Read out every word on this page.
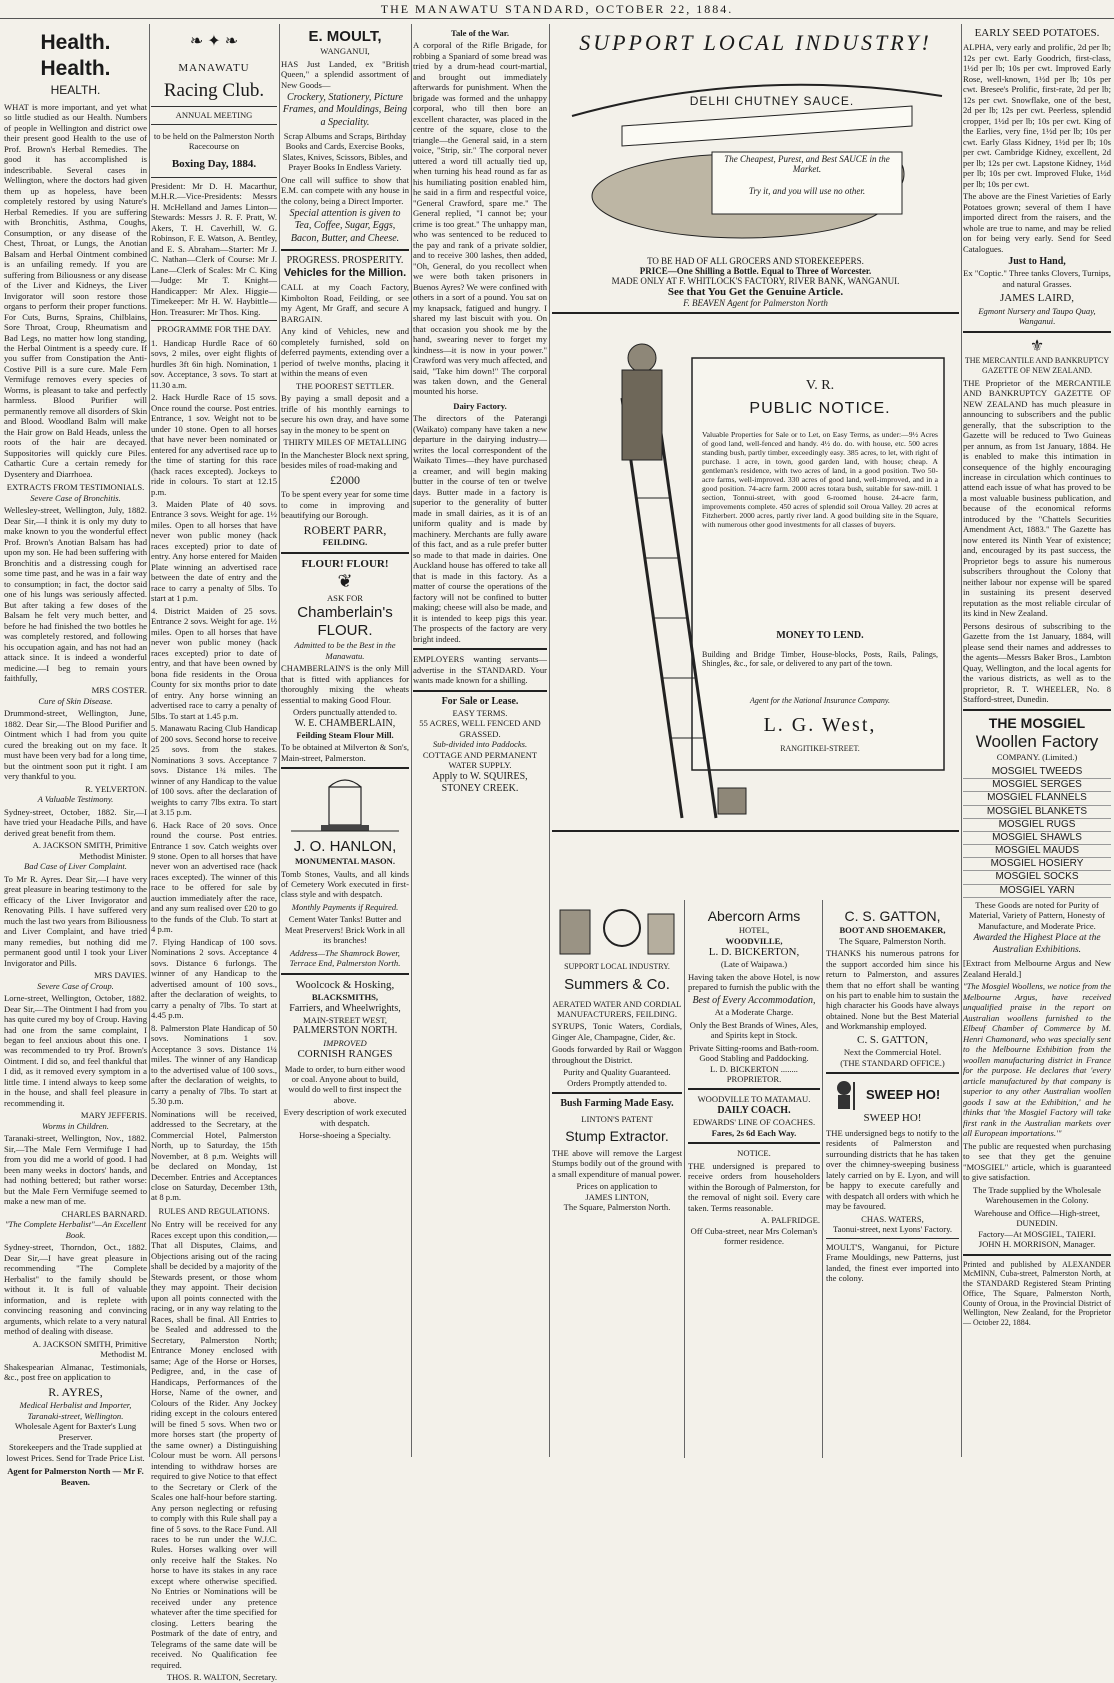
THE MANAWATU STANDARD, OCTOBER 22, 1884.
Health. Health.
HEALTH.

WHAT is more important, and yet what so little studied as our Health. Numbers of people in Wellington and district owe their present good Health to the use of Prof. Brown's Herbal Remedies. The good it has accomplished is indescribable. Several cases in Wellington, where the doctors had given them up as hopeless, have been completely restored by using Nature's Herbal Remedies. If you are suffering with Bronchitis, Asthma, Coughs, Consumption, or any disease of the Chest, Throat, or Lungs, the Anotian Balsam and Herbal Ointment combined is an unfailing remedy. If you are suffering from Biliousness or any disease of the Liver and Kidneys, the Liver Invigorator will soon restore those organs to perform their proper functions. For Cuts, Burns, Sprains, Chilblains, Sore Throat, Croup, Rheumatism and Bad Legs, no matter how long standing, the Herbal Ointment is a speedy cure. If you suffer from Constipation the Anti-Costive Pill is a sure cure. Male Fern Vermifuge removes every species of Worms, is pleasant to take and perfectly harmless. Blood Purifier will permanently remove all disorders of Skin and Blood. Woodland Balm will make the Hair grow on Bald Heads, unless the roots of the hair are decayed. Suppositories will quickly cure Piles. Cathartic Cure a certain remedy for Dysentery and Diarrhoea.

EXTRACTS FROM TESTIMONIALS.
Severe Case of Bronchitis.

Wellesley-street, Wellington, July, 1882. Dear Sir,—I think it is only my duty to make known to you the wonderful effect Prof. Brown's Anotian Balsam has had upon my son. He had been suffering with Bronchitis and a distressing cough for some time past, and he was in a fair way to consumption; in fact, the doctor said one of his lungs was seriously affected. But after taking a few doses of the Balsam he felt very much better, and before he had finished the two bottles he was completely restored, and following his occupation again, and has not had an attack since. It is indeed a wonderful medicine.—I beg to remain yours faithfully,

MRS COSTER.
Cure of Skin Disease.

Drummond-street, Wellington, June, 1882. Dear Sir,—The Blood Purifier and Ointment which I had from you quite cured the breaking out on my face. It must have been very bad for a long time, but the ointment soon put it right. I am very thankful to you.

R. YELVERTON.
A Valuable Testimony.

Sydney-street, October, 1882. Sir,—I have tried your Headache Pills, and have derived great benefit from them.

A. JACKSON SMITH, Primitive Methodist Minister.
Bad Case of Liver Complaint.

To Mr R. Ayres. Dear Sir,—I have very great pleasure in bearing testimony to the efficacy of the Liver Invigorator and Renovating Pills. I have suffered very much the last two years from Biliousness and Liver Complaint, and have tried many remedies, but nothing did me permanent good until I took your Liver Invigorator and Pills.

MRS DAVIES.
Severe Case of Croup.

Lorne-street, Wellington, October, 1882. Dear Sir,—The Ointment I had from you has quite cured my boy of Croup. Having had one from the same complaint, I began to feel anxious about this one. I was recommended to try Prof. Brown's Ointment. I did so, and feel thankful that I did, as it removed every symptom in a little time. I intend always to keep some in the house, and shall feel pleasure in recommending it.

MARY JEFFERIS.
Worms in Children.

Taranaki-street, Wellington, Nov., 1882. Sir,—The Male Fern Vermifuge I had from you did me a world of good. I had been many weeks in doctors' hands, and had nothing bettered; but rather worse: but the Male Fern Vermifuge seemed to make a new man of me.

CHARLES BARNARD.
"The Complete Herbalist"—An Excellent Book.

Sydney-street, Thorndon, Oct., 1882. Dear Sir,—I have great pleasure in recommending "The Complete Herbalist" to the family should be without it. It is full of valuable information, and is replete with convincing reasoning and convincing arguments, which relate to a very natural method of dealing with disease.

A. JACKSON SMITH, Primitive Methodist M.

Shakespearian Almanac, Testimonials, &c., post free on application to

R. AYRES,
Medical Herbalist and Importer, Taranaki-street, Wellington.
Wholesale Agent for Baxter's Lung Preserver.
Storekeepers and the Trade supplied at lowest Prices. Send for Trade Price List.
Agent for Palmerston North — Mr F. Beaven.
❧ ✦ ❧
MANAWATU
Racing Club.
ANNUAL MEETING
to be held on the Palmerston North Racecourse on
Boxing Day, 1884.

President: Mr D. H. Macarthur, M.H.R.—Vice-Presidents: Messrs H. McHelland and James Linton—Stewards: Messrs J. R. F. Pratt, W. Akers, T. H. Caverhill, W. G. Robinson, F. E. Watson, A. Bentley, and E. S. Abraham—Starter: Mr J. C. Nathan—Clerk of Course: Mr J. Lane—Clerk of Scales: Mr C. King—Judge: Mr T. Knight—Handicapper: Mr Alex. Higgie—Timekeeper: Mr H. W. Haybittle—Hon. Treasurer: Mr Thos. King.

PROGRAMME FOR THE DAY.

1. Handicap Hurdle Race of 60 sovs, 2 miles, over eight flights of hurdles 3ft 6in high. Nomination, 1 sov. Acceptance, 3 sovs. To start at 11.30 a.m.

2. Hack Hurdle Race of 15 sovs. Once round the course. Post entries. Entrance, 1 sov. Weight not to be under 10 stone. Open to all horses that have never been nominated or entered for any advertised race up to the time of starting for this race (hack races excepted). Jockeys to ride in colours. To start at 12.15 p.m.

3. Maiden Plate of 40 sovs. Entrance 3 sovs. Weight for age. 1½ miles. Open to all horses that have never won public money (hack races excepted) prior to date of entry. Any horse entered for Maiden Plate winning an advertised race between the date of entry and the race to carry a penalty of 5lbs. To start at 1 p.m.

4. District Maiden of 25 sovs. Entrance 2 sovs. Weight for age. 1½ miles. Open to all horses that have never won public money (hack races excepted) prior to date of entry, and that have been owned by bona fide residents in the Oroua County for six months prior to date of entry. Any horse winning an advertised race to carry a penalty of 5lbs. To start at 1.45 p.m.

5. Manawatu Racing Club Handicap of 200 sovs. Second horse to receive 25 sovs. from the stakes. Nominations 3 sovs. Acceptance 7 sovs. Distance 1¾ miles. The winner of any Handicap to the value of 100 sovs. after the declaration of weights to carry 7lbs extra. To start at 3.15 p.m.

6. Hack Race of 20 sovs. Once round the course. Post entries. Entrance 1 sov. Catch weights over 9 stone. Open to all horses that have never won an advertised race (hack races excepted). The winner of this race to be offered for sale by auction immediately after the race, and any sum realised over £20 to go to the funds of the Club. To start at 4 p.m.

7. Flying Handicap of 100 sovs. Nominations 2 sovs. Acceptance 4 sovs. Distance 6 furlongs. The winner of any Handicap to the advertised amount of 100 sovs., after the declaration of weights, to carry a penalty of 7lbs. To start at 4.45 p.m.

8. Palmerston Plate Handicap of 50 sovs. Nominations 1 sov. Acceptance 3 sovs. Distance 1¼ miles. The winner of any Handicap to the advertised value of 100 sovs., after the declaration of weights, to carry a penalty of 7lbs. To start at 5.30 p.m.

Nominations will be received, addressed to the Secretary, at the Commercial Hotel, Palmerston North, up to Saturday, the 15th November, at 8 p.m. Weights will be declared on Monday, 1st December. Entries and Acceptances close on Saturday, December 13th, at 8 p.m.

RULES AND REGULATIONS.

No Entry will be received for any Races except upon this condition,—That all Disputes, Claims, and Objections arising out of the racing shall be decided by a majority of the Stewards present, or those whom they may appoint. Their decision upon all points connected with the racing, or in any way relating to the Races, shall be final. All Entries to be Sealed and addressed to the Secretary, Palmerston North; Entrance Money enclosed with same; Age of the Horse or Horses, Pedigree, and, in the case of Handicaps, Performances of the Horse, Name of the owner, and Colours of the Rider. Any Jockey riding except in the colours entered will be fined 5 sovs. When two or more horses start (the property of the same owner) a Distinguishing Colour must be worn. All persons intending to withdraw horses are required to give Notice to that effect to the Secretary or Clerk of the Scales one half-hour before starting. Any person neglecting or refusing to comply with this Rule shall pay a fine of 5 sovs. to the Race Fund. All races to be run under the W.J.C. Rules. Horses walking over will only receive half the Stakes. No horse to have its stakes in any race except where otherwise specified. No Entries or Nominations will be received under any pretence whatever after the time specified for closing. Letters bearing the Postmark of the date of entry, and Telegrams of the same date will be received. No Qualification fee required.

THOS. R. WALTON, Secretary.
E. MOULT,
WANGANUI,

HAS Just Landed, ex "British Queen," a splendid assortment of New Goods—

Crockery, Stationery, Picture Frames, and Mouldings, Being a Speciality.

Scrap Albums and Scraps, Birthday Books and Cards, Exercise Books, Slates, Knives, Scissors, Bibles, and Prayer Books In Endless Variety.

One call will suffice to show that E.M. can compete with any house in the colony, being a Direct Importer.

Special attention is given to Tea, Coffee, Sugar, Eggs, Bacon, Butter, and Cheese.

PROGRESS. PROSPERITY.
Vehicles for the Million.

CALL at my Coach Factory, Kimbolton Road, Feilding, or see my Agent, Mr Graff, and secure A BARGAIN.

Any kind of Vehicles, new and completely furnished, sold on deferred payments, extending over a period of twelve months, placing it within the means of even

THE POOREST SETTLER.

By paying a small deposit and a trifle of his monthly earnings to secure his own dray, and have some say in the money to be spent on

THIRTY MILES OF METALLING

In the Manchester Block next spring, besides miles of road-making and

£2000

To be spent every year for some time to come in improving and beautifying our Borough.

ROBERT PARR,
FEILDING.
FLOUR! FLOUR!
❦
ASK FOR
Chamberlain's FLOUR.
Admitted to be the Best in the Manawatu.

CHAMBERLAIN'S is the only Mill that is fitted with appliances for thoroughly mixing the wheats essential to making Good Flour.

Orders punctually attended to.
W. E. CHAMBERLAIN,
Feilding Steam Flour Mill.

To be obtained at Milverton & Son's, Main-street, Palmerston.

J. O. HANLON,
MONUMENTAL MASON.

Tomb Stones, Vaults, and all kinds of Cemetery Work executed in first-class style and with despatch.

Monthly Payments if Required.

Cement Water Tanks! Butter and Meat Preservers! Brick Work in all its branches!

Address—The Shamrock Bower, Terrace End, Palmerston North.

Woolcock & Hosking,
BLACKSMITHS,
Farriers, and Wheelwrights,
MAIN-STREET WEST,
PALMERSTON NORTH.
IMPROVED
CORNISH RANGES

Made to order, to burn either wood or coal. Anyone about to build, would do well to first inspect the above.

Every description of work executed with despatch.

Horse-shoeing a Specialty.

Tale of the War.

A corporal of the Rifle Brigade, for robbing a Spaniard of some bread was tried by a drum-head court-martial, and brought out immediately afterwards for punishment. When the brigade was formed and the unhappy corporal, who till then bore an excellent character, was placed in the centre of the square, close to the triangle—the General said, in a stern voice, "Strip, sir." The corporal never uttered a word till actually tied up, when turning his head round as far as his humiliating position enabled him, he said in a firm and respectful voice, "General Crawford, spare me." The General replied, "I cannot be; your crime is too great." The unhappy man, who was sentenced to be reduced to the pay and rank of a private soldier, and to receive 300 lashes, then added, "Oh, General, do you recollect when we were both taken prisoners in Buenos Ayres? We were confined with others in a sort of a pound. You sat on my knapsack, fatigued and hungry. I shared my last biscuit with you. On that occasion you shook me by the hand, swearing never to forget my kindness—it is now in your power." Crawford was very much affected, and said, "Take him down!" The corporal was taken down, and the General mounted his horse.

Dairy Factory.

The directors of the Paterangi (Waikato) company have taken a new departure in the dairying industry—writes the local correspondent of the Waikato Times—they have purchased a creamer, and will begin making butter in the course of ten or twelve days. Butter made in a factory is superior to the generality of butter made in small dairies, as it is of an uniform quality and is made by machinery. Merchants are fully aware of this fact, and as a rule prefer butter so made to that made in dairies. One Auckland house has offered to take all that is made in this factory. As a matter of course the operations of the factory will not be confined to butter making; cheese will also be made, and it is intended to keep pigs this year. The prospects of the factory are very bright indeed.

EMPLOYERS wanting servants—advertise in the STANDARD. Your wants made known for a shilling.

For Sale or Lease.
EASY TERMS.
55 ACRES, WELL FENCED AND GRASSED.
Sub-divided into Paddocks.
COTTAGE AND PERMANENT WATER SUPPLY.
Apply to W. SQUIRES, STONEY CREEK.
SUPPORT LOCAL INDUSTRY!
DELHI CHUTNEY SAUCE.
The Cheapest, Purest, and Best SAUCE in the Market.
Try it, and you will use no other.
TO BE HAD OF ALL GROCERS AND STOREKEEPERS.
PRICE—One Shilling a Bottle. Equal to Three of Worcester.
MADE ONLY AT F. WHITLOCK'S FACTORY, RIVER BANK, WANGANUI.
See that You Get the Genuine Article.
F. BEAVEN Agent for Palmerston North
V. R.
PUBLIC NOTICE.

Valuable Properties for Sale or to Let, on Easy Terms, as under:—9½ Acres of good land, well-fenced and handy. 4½ do. do. with house, etc. 500 acres standing bush, partly timber, exceedingly easy. 385 acres, to let, with right of purchase. 1 acre, in town, good garden land, with house; cheap. A gentleman's residence, with two acres of land, in a good position. Two 50-acre farms, well-improved. 330 acres of good land, well-improved, and in a good position. 74-acre farm. 2000 acres totara bush, suitable for saw-mill. 1 section, Tonnui-street, with good 6-roomed house. 24-acre farm, improvements complete. 450 acres of splendid soil Oroua Valley. 20 acres at Fitzherbert. 2000 acres, partly river land. A good building site in the Square, with numerous other good investments for all classes of buyers.

MONEY TO LEND.

Building and Bridge Timber, House-blocks, Posts, Rails, Palings, Shingles, &c., for sale, or delivered to any part of the town.

Agent for the National Insurance Company.
L. G. West,
RANGITIKEI-STREET.
SUPPORT LOCAL INDUSTRY.
Summers & Co.
AERATED WATER AND CORDIAL MANUFACTURERS, FEILDING.

SYRUPS, Tonic Waters, Cordials, Ginger Ale, Champagne, Cider, &c.

Goods forwarded by Rail or Waggon throughout the District.

Purity and Quality Guaranteed.
Orders Promptly attended to.
Bush Farming Made Easy.
LINTON'S PATENT
Stump Extractor.

THE above will remove the Largest Stumps bodily out of the ground with a small expenditure of manual power.

Prices on application to
JAMES LINTON,
The Square, Palmerston North.
Abercorn Arms
HOTEL,
WOODVILLE,
L. D. BICKERTON,
(Late of Waipawa.)

Having taken the above Hotel, is now prepared to furnish the public with the

Best of Every Accommodation,
At a Moderate Charge.

Only the Best Brands of Wines, Ales, and Spirits kept in Stock.

Private Sitting-rooms and Bath-room.
Good Stabling and Paddocking.
L. D. BICKERTON ........ PROPRIETOR.
WOODVILLE TO MATAMAU.
DAILY COACH.
EDWARDS' LINE OF COACHES.
Fares, 2s 6d Each Way.
NOTICE.

THE undersigned is prepared to receive orders from householders within the Borough of Palmerston, for the removal of night soil. Every care taken. Terms reasonable.

A. PALFRIDGE.
Off Cuba-street, near Mrs Coleman's former residence.
C. S. GATTON,
BOOT AND SHOEMAKER,
The Square, Palmerston North.

THANKS his numerous patrons for the support accorded him since his return to Palmerston, and assures them that no effort shall be wanting on his part to enable him to sustain the high character his Goods have always obtained. None but the Best Material and Workmanship employed.

C. S. GATTON,
Next the Commercial Hotel.
(THE STANDARD OFFICE.)
SWEEP HO!
SWEEP HO!

THE undersigned begs to notify to the residents of Palmerston and surrounding districts that he has taken over the chimney-sweeping business lately carried on by E. Lyon, and will be happy to execute carefully and with despatch all orders with which he may be favoured.

CHAS. WATERS,
Taonui-street, next Lyons' Factory.

MOULT'S, Wanganui, for Picture Frame Mouldings, new Patterns, just landed, the finest ever imported into the colony.

EARLY SEED POTATOES.

ALPHA, very early and prolific, 2d per lb; 12s per cwt. Early Goodrich, first-class, 1½d per lb; 10s per cwt. Improved Early Rose, well-known, 1½d per lb; 10s per cwt. Bresee's Prolific, first-rate, 2d per lb; 12s per cwt. Snowflake, one of the best, 2d per lb; 12s per cwt. Peerless, splendid cropper, 1½d per lb; 10s per cwt. King of the Earlies, very fine, 1½d per lb; 10s per cwt. Early Glass Kidney, 1½d per lb; 10s per cwt. Cambridge Kidney, excellent, 2d per lb; 12s per cwt. Lapstone Kidney, 1½d per lb; 10s per cwt. Improved Fluke, 1½d per lb; 10s per cwt.

The above are the Finest Varieties of Early Potatoes grown; several of them I have imported direct from the raisers, and the whole are true to name, and may be relied on for being very early. Send for Seed Catalogues.

Just to Hand,
Ex "Coptic." Three tanks Clovers, Turnips, and natural Grasses.
JAMES LAIRD,
Egmont Nursery and Taupo Quay, Wanganui.
⚜
THE MERCANTILE AND BANKRUPTCY GAZETTE OF NEW ZEALAND.

THE Proprietor of the MERCANTILE AND BANKRUPTCY GAZETTE OF NEW ZEALAND has much pleasure in announcing to subscribers and the public generally, that the subscription to the Gazette will be reduced to Two Guineas per annum, as from 1st January, 1884. He is enabled to make this intimation in consequence of the highly encouraging increase in circulation which continues to attend each issue of what has proved to be a most valuable business publication, and because of the economical reforms introduced by the "Chattels Securities Amendment Act, 1883." The Gazette has now entered its Ninth Year of existence; and, encouraged by its past success, the Proprietor begs to assure his numerous subscribers throughout the Colony that neither labour nor expense will be spared in sustaining its present deserved reputation as the most reliable circular of its kind in New Zealand.

Persons desirous of subscribing to the Gazette from the 1st January, 1884, will please send their names and addresses to the agents—Messrs Baker Bros., Lambton Quay, Wellington, and the local agents for the various districts, as well as to the proprietor, R. T. WHEELER, No. 8 Stafford-street, Dunedin.

THE MOSGIEL
Woollen Factory
COMPANY. (Limited.)
MOSGIEL TWEEDS
MOSGIEL SERGES
MOSGIEL FLANNELS
MOSGIEL BLANKETS
MOSGIEL RUGS
MOSGIEL SHAWLS
MOSGIEL MAUDS
MOSGIEL HOSIERY
MOSGIEL SOCKS
MOSGIEL YARN

These Goods are noted for Purity of Material, Variety of Pattern, Honesty of Manufacture, and Moderate Price.

Awarded the Highest Place at the Australian Exhibitions.

[Extract from Melbourne Argus and New Zealand Herald.]

"The Mosgiel Woollens, we notice from the Melbourne Argus, have received unqualified praise in the report on Australian woollens furnished to the Elbeuf Chamber of Commerce by M. Henri Chamonard, who was specially sent to the Melbourne Exhibition from the woollen manufacturing district in France for the purpose. He declares that 'every article manufactured by that company is superior to any other Australian woollen goods I saw at the Exhibition,' and he thinks that 'the Mosgiel Factory will take first rank in the Australian markets over all European importations.'"

The public are requested when purchasing to see that they get the genuine "MOSGIEL" article, which is guaranteed to give satisfaction.

The Trade supplied by the Wholesale Warehousemen in the Colony.

Warehouse and Office—High-street, DUNEDIN.
Factory—At MOSGIEL, TAIERI.
JOHN H. MORRISON, Manager.

Printed and published by ALEXANDER McMINN, Cuba-street, Palmerston North, at the STANDARD Registered Steam Printing Office, The Square, Palmerston North, County of Oroua, in the Provincial District of Wellington, New Zealand, for the Proprietor — October 22, 1884.
